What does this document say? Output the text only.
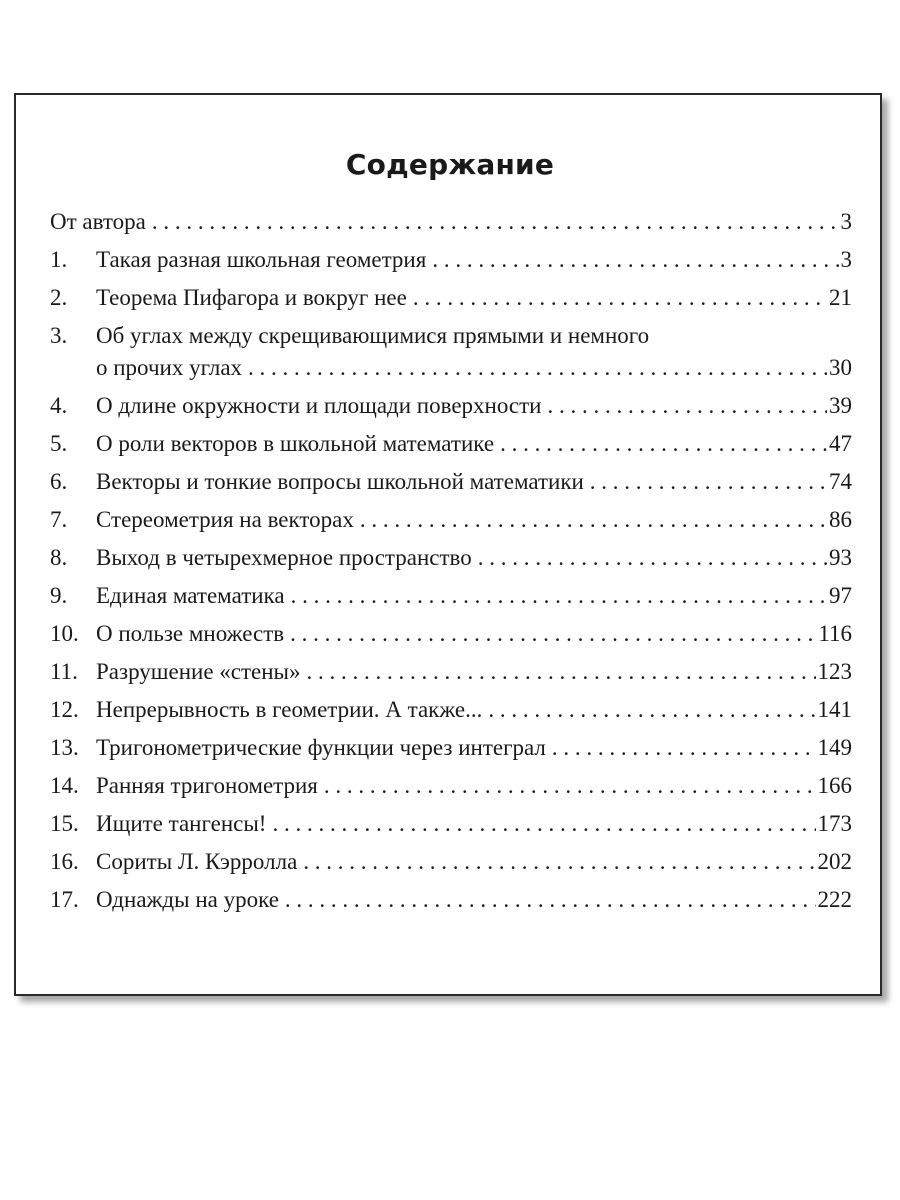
Содержание
От автора . . .	3
1.	Такая разная школьная геометрия . . .	3
2.	Теорема Пифагора и вокруг нее . . .	21
3.	Об углах между скрещивающимися прямыми и немного
о прочих углах . . .	30
4.	О длине окружности и площади поверхности . . .	39
5.	О роли векторов в школьной математике . . .	47
6.	Векторы и тонкие вопросы школьной математики . . .	74
7.	Стереометрия на векторах . . .	86
8.	Выход в четырехмерное пространство . . .	93
9.	Единая математика . . .	97
10. О пользе множеств . . .	116
11. Разрушение «стены» . . .	123
12. Непрерывность в геометрии. А также... . . .	141
13. Тригонометрические функции через интеграл . . .	149
14. Ранняя тригонометрия . . .	166
15. Ищите тангенсы! . . .	173
16. Сориты Л. Кэрролла . . .	202
17. Однажды на уроке . . .	222
